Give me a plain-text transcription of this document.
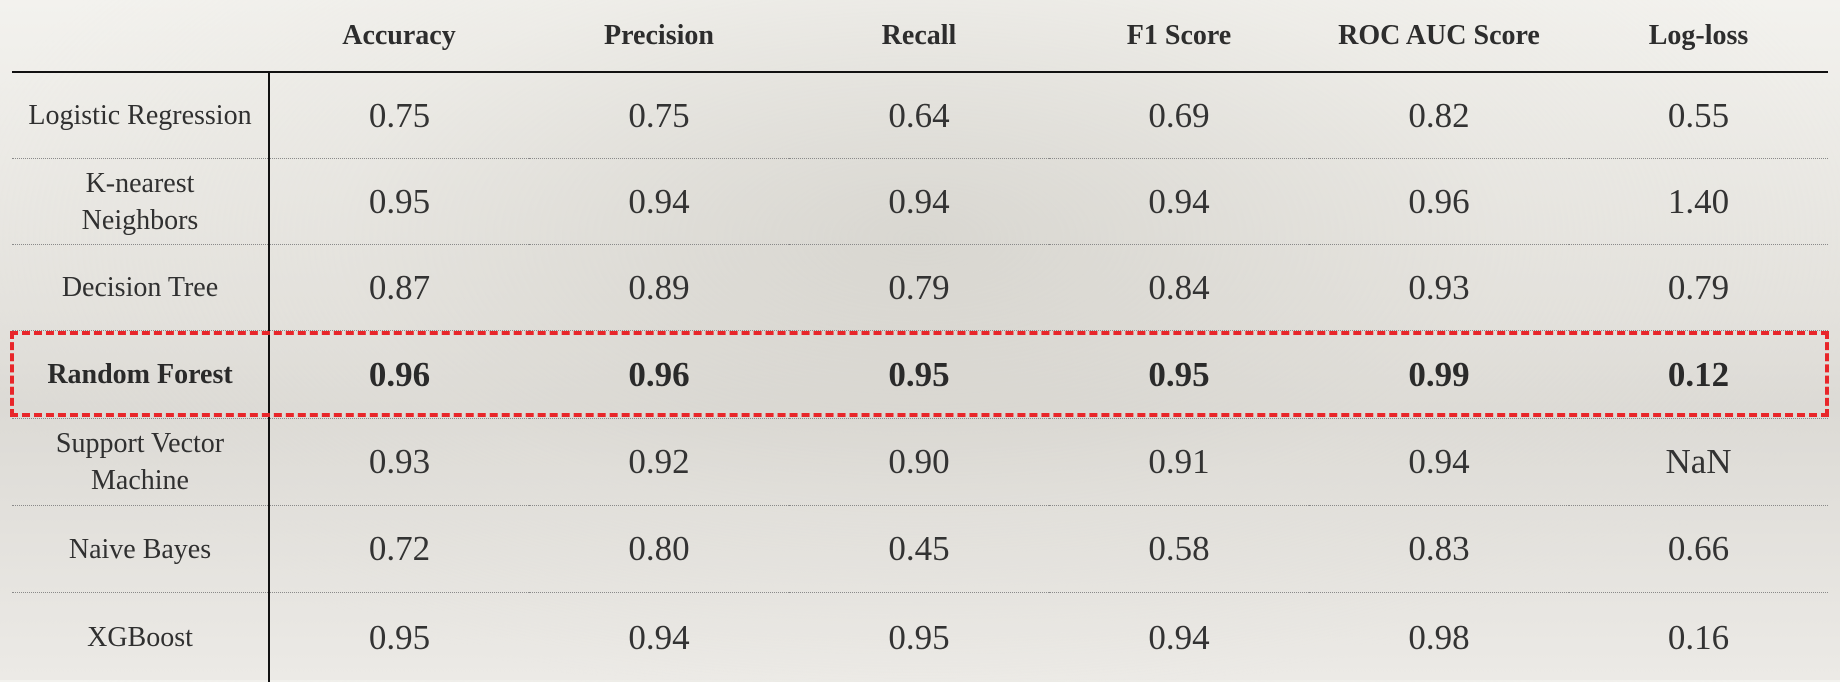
	Accuracy	Precision	Recall	F1 Score	ROC AUC Score	Log-loss
Logistic Regression	0.75	0.75	0.64	0.69	0.82	0.55
K-nearest Neighbors	0.95	0.94	0.94	0.94	0.96	1.40
Decision Tree	0.87	0.89	0.79	0.84	0.93	0.79
Random Forest	0.96	0.96	0.95	0.95	0.99	0.12
Support Vector Machine	0.93	0.92	0.90	0.91	0.94	NaN
Naive Bayes	0.72	0.80	0.45	0.58	0.83	0.66
XGBoost	0.95	0.94	0.95	0.94	0.98	0.16
